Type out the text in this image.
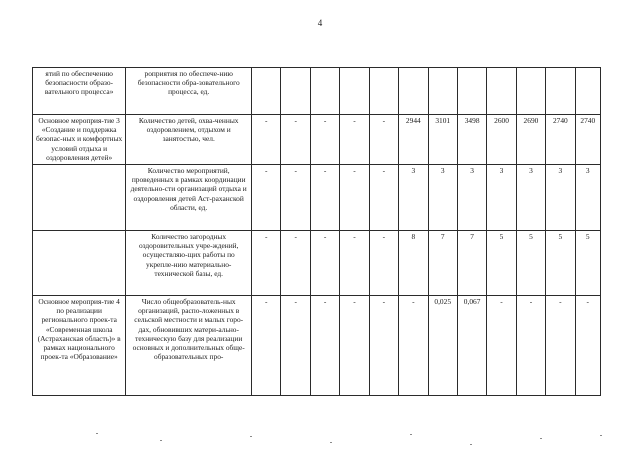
4
ятий по обеспечению безопасности образо-вательного процесса»	роприятия по обеспече-нию безопасности обра-зовательного процесса, ед.												
Основное мероприя-тие 3 «Создание и поддержка безопас-ных и комфортных условий отдыха и оздоровления детей»	Количество детей, охва-ченных оздоровлением, отдыхом и занятостью, чел.	-	-	-	-	-	2944	3101	3498	2600	2690	2740	2740
	Количество мероприятий, проведенных в рамках координации деятельно-сти организаций отдыха и оздоровления детей Аст-раханской области, ед.	-	-	-	-	-	3	3	3	3	3	3	3
	Количество загородных оздоровительных учре-ждений, осуществляю-щих работы по укрепле-нию материально-технической базы, ед.	-	-	-	-	-	8	7	7	5	5	5	5
Основное мероприя-тие 4 по реализации регионального проек-та «Современная школа (Астраханская область)» в рамках национального проек-та «Образование»	Число общеобразователь-ных организаций, распо-ложенных в сельской местности и малых горо-дах, обновивших матери-ально-техническую базу для реализации основных и дополнительных обще-образовательных про-	-	-	-	-	-	-	0,025	0,067	-	-	-	-
